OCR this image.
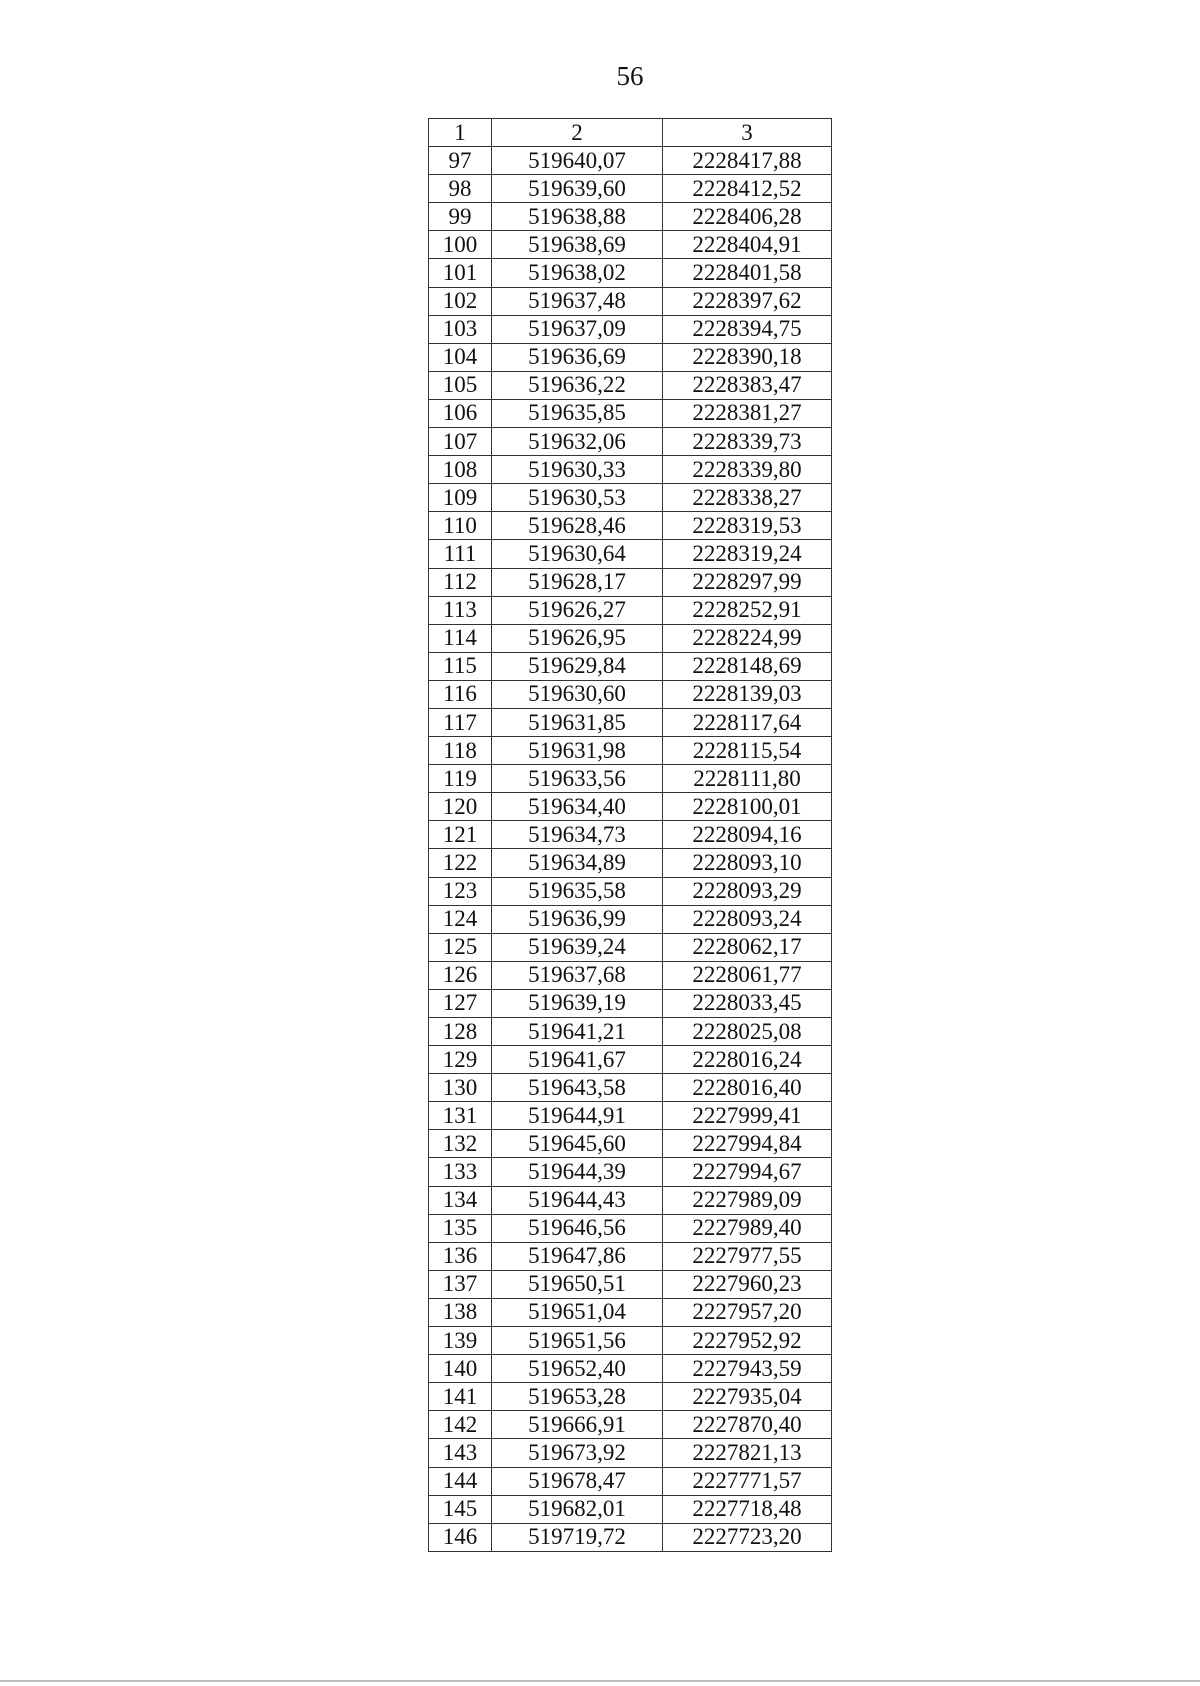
56
1	2	3
97	519640,07	2228417,88
98	519639,60	2228412,52
99	519638,88	2228406,28
100	519638,69	2228404,91
101	519638,02	2228401,58
102	519637,48	2228397,62
103	519637,09	2228394,75
104	519636,69	2228390,18
105	519636,22	2228383,47
106	519635,85	2228381,27
107	519632,06	2228339,73
108	519630,33	2228339,80
109	519630,53	2228338,27
110	519628,46	2228319,53
111	519630,64	2228319,24
112	519628,17	2228297,99
113	519626,27	2228252,91
114	519626,95	2228224,99
115	519629,84	2228148,69
116	519630,60	2228139,03
117	519631,85	2228117,64
118	519631,98	2228115,54
119	519633,56	2228111,80
120	519634,40	2228100,01
121	519634,73	2228094,16
122	519634,89	2228093,10
123	519635,58	2228093,29
124	519636,99	2228093,24
125	519639,24	2228062,17
126	519637,68	2228061,77
127	519639,19	2228033,45
128	519641,21	2228025,08
129	519641,67	2228016,24
130	519643,58	2228016,40
131	519644,91	2227999,41
132	519645,60	2227994,84
133	519644,39	2227994,67
134	519644,43	2227989,09
135	519646,56	2227989,40
136	519647,86	2227977,55
137	519650,51	2227960,23
138	519651,04	2227957,20
139	519651,56	2227952,92
140	519652,40	2227943,59
141	519653,28	2227935,04
142	519666,91	2227870,40
143	519673,92	2227821,13
144	519678,47	2227771,57
145	519682,01	2227718,48
146	519719,72	2227723,20
